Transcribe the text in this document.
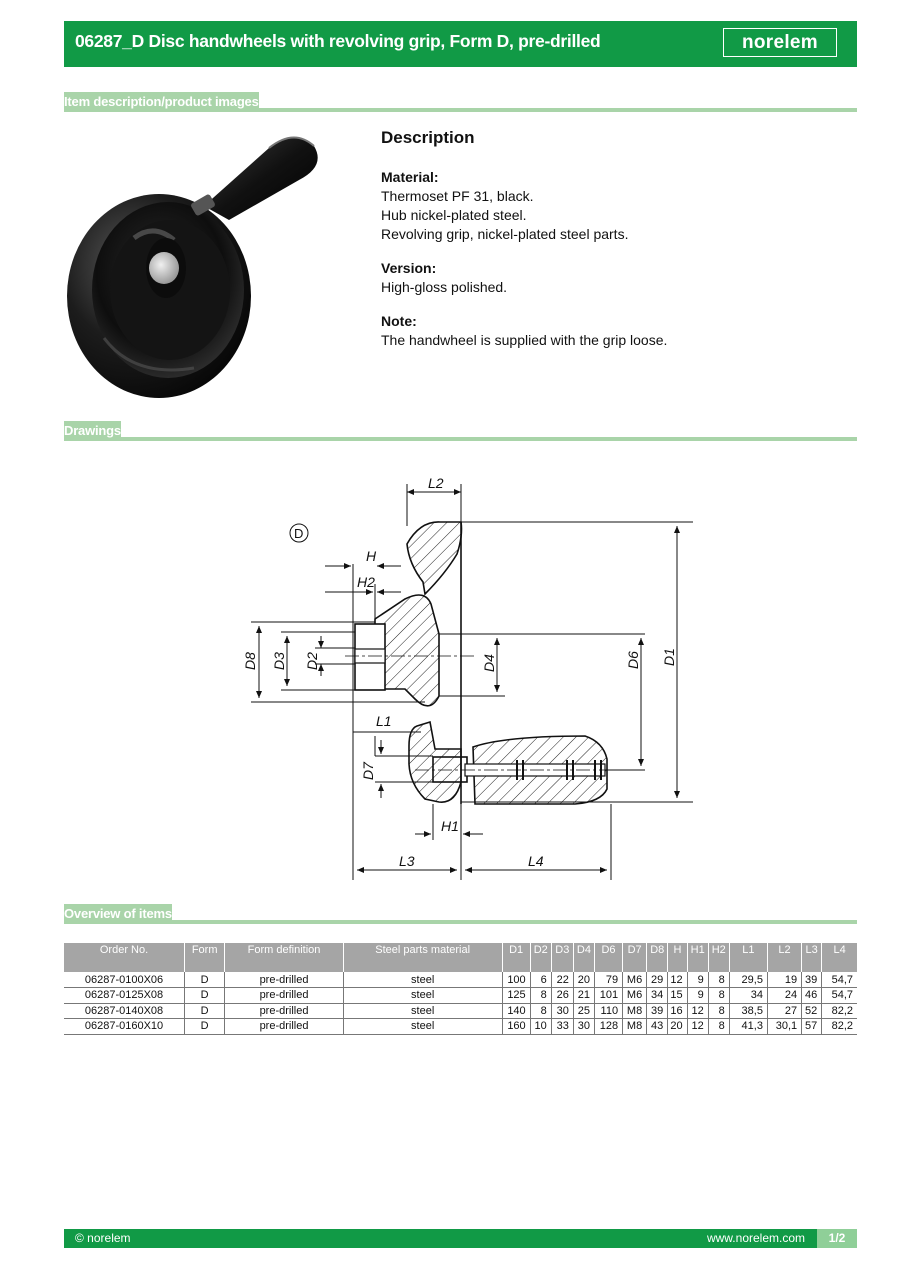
06287_D Disc handwheels with revolving grip, Form D, pre-drilled	norelem
Item description/product images
Description
Material:
Thermoset PF 31, black.
Hub nickel-plated steel.
Revolving grip, nickel-plated steel parts.
Version:
High-gloss polished.
Note:
The handwheel is supplied with the grip loose.
Drawings
D
L2
H
H2
D8 D3 D2	D4	D6 D1
L1
D7
H1
L3	L4
Overview of items
Order No.	Form	Form definition	Steel parts material	D1	D2	D3	D4	D6	D7	D8	H	H1	H2	L1	L2	L3	L4
06287-0100X06	D	pre-drilled	steel	100	6	22	20	79	M6	29	12	9	8	29,5	19	39	54,7
06287-0125X08	D	pre-drilled	steel	125	8	26	21	101	M6	34	15	9	8	34	24	46	54,7
06287-0140X08	D	pre-drilled	steel	140	8	30	25	110	M8	39	16	12	8	38,5	27	52	82,2
06287-0160X10	D	pre-drilled	steel	160	10	33	30	128	M8	43	20	12	8	41,3	30,1	57	82,2
© norelem	www.norelem.com	1/2
